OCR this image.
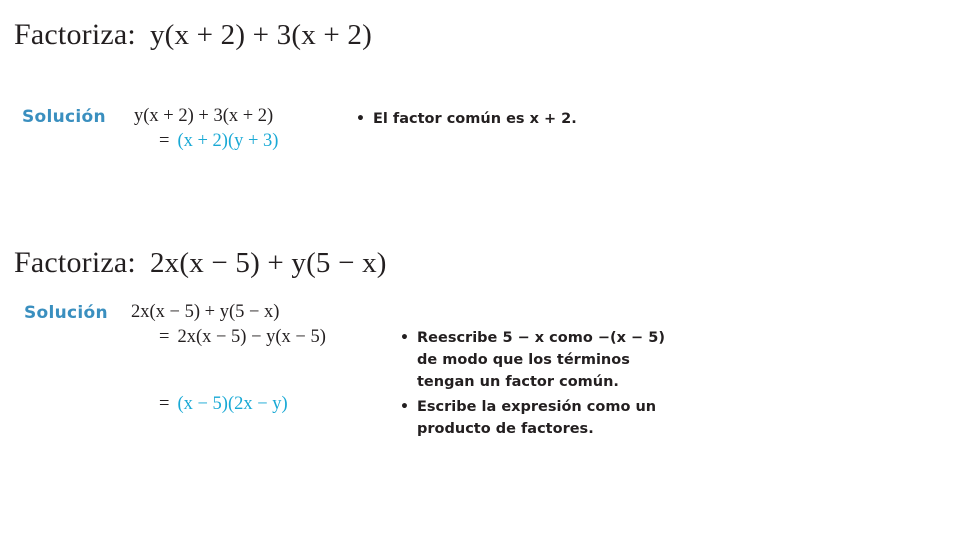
Factoriza: y(x + 2) + 3(x + 2)
Solución y(x + 2) + 3(x + 2)
= (x + 2)(y + 3)
• El factor común es x + 2.
Factoriza: 2x(x − 5) + y(5 − x)
Solución 2x(x − 5) + y(5 − x)
= 2x(x − 5) − y(x − 5)
= (x − 5)(2x − y)
• Reescribe 5 − x como −(x − 5) de modo que los términos tengan un factor común.
• Escribe la expresión como un producto de factores.
